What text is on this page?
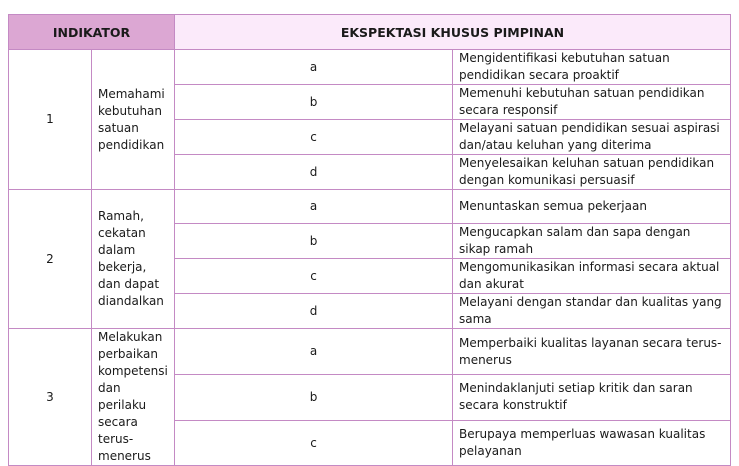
INDIKATOR		EKSPEKTASI KHUSUS PIMPINAN	
1	Memahami kebutuhan satuan pendidikan	a	Mengidentifikasi kebutuhan satuan pendidikan secara proaktif
		b	Memenuhi kebutuhan satuan pendidikan secara responsif
		c	Melayani satuan pendidikan sesuai aspirasi dan/atau keluhan yang diterima
		d	Menyelesaikan keluhan satuan pendidikan dengan komunikasi persuasif
2	Ramah, cekatan dalam bekerja, dan dapat diandalkan	a	Menuntaskan semua pekerjaan
		b	Mengucapkan salam dan sapa dengan sikap ramah
		c	Mengomunikasikan informasi secara aktual dan akurat
		d	Melayani dengan standar dan kualitas yang sama
3	Melakukan perbaikan kompetensi dan perilaku secara terus-menerus	a	Memperbaiki kualitas layanan secara terus-menerus
		b	Menindaklanjuti setiap kritik dan saran secara konstruktif
		c	Berupaya memperluas wawasan kualitas pelayanan
